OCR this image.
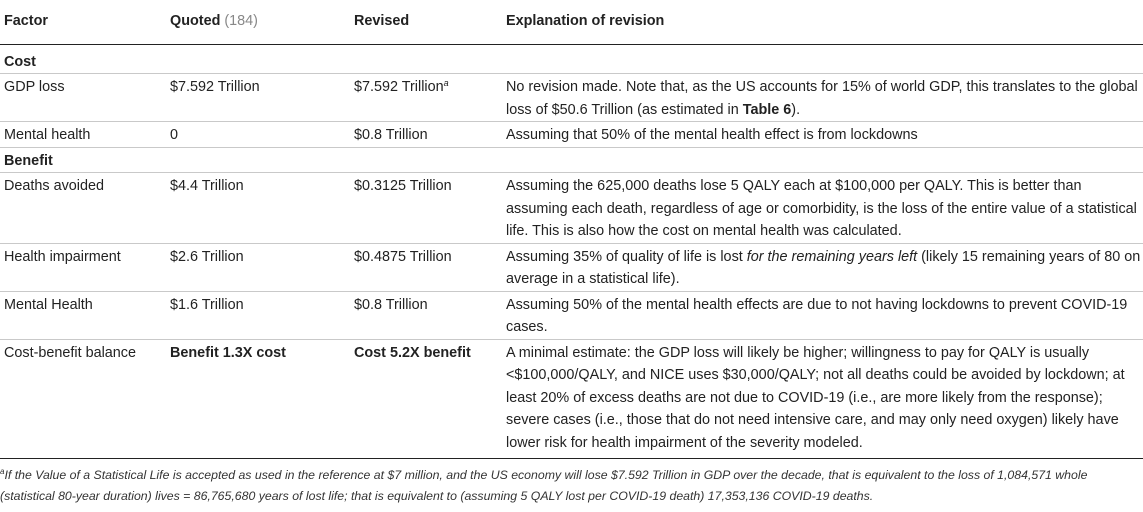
Factor	Quoted (184)	Revised	Explanation of revision
Cost			
GDP loss	$7.592 Trillion	$7.592 Trillion$^a$	No revision made. Note that, as the US accounts for 15% of world GDP, this translates to the global loss of $50.6 Trillion (as estimated in Table 6).
Mental health	0	$0.8 Trillion	Assuming that 50% of the mental health effect is from lockdowns
Benefit			
Deaths avoided	$4.4 Trillion	$0.3125 Trillion	Assuming the 625,000 deaths lose 5 QALY each at $100,000 per QALY. This is better than assuming each death, regardless of age or comorbidity, is the loss of the entire value of a statistical life. This is also how the cost on mental health was calculated.
Health impairment	$2.6 Trillion	$0.4875 Trillion	Assuming 35% of quality of life is lost for the remaining years left (likely 15 remaining years of 80 on average in a statistical life).
Mental Health	$1.6 Trillion	$0.8 Trillion	Assuming 50% of the mental health effects are due to not having lockdowns to prevent COVID-19 cases.
Cost-benefit balance	Benefit 1.3X cost	Cost 5.2X benefit	A minimal estimate: the GDP loss will likely be higher; willingness to pay for QALY is usually <$100,000/QALY, and NICE uses $30,000/QALY; not all deaths could be avoided by lockdown; at least 20% of excess deaths are not due to COVID-19 (i.e., are more likely from the response); severe cases (i.e., those that do not need intensive care, and may only need oxygen) likely have lower risk for health impairment of the severity modeled.
$^a$If the Value of a Statistical Life is accepted as used in the reference at $7 million, and the US economy will lose $7.592 Trillion in GDP over the decade, that is equivalent to the loss of 1,084,571 whole (statistical 80-year duration) lives = 86,765,680 years of lost life; that is equivalent to (assuming 5 QALY lost per COVID-19 death) 17,353,136 COVID-19 deaths.
